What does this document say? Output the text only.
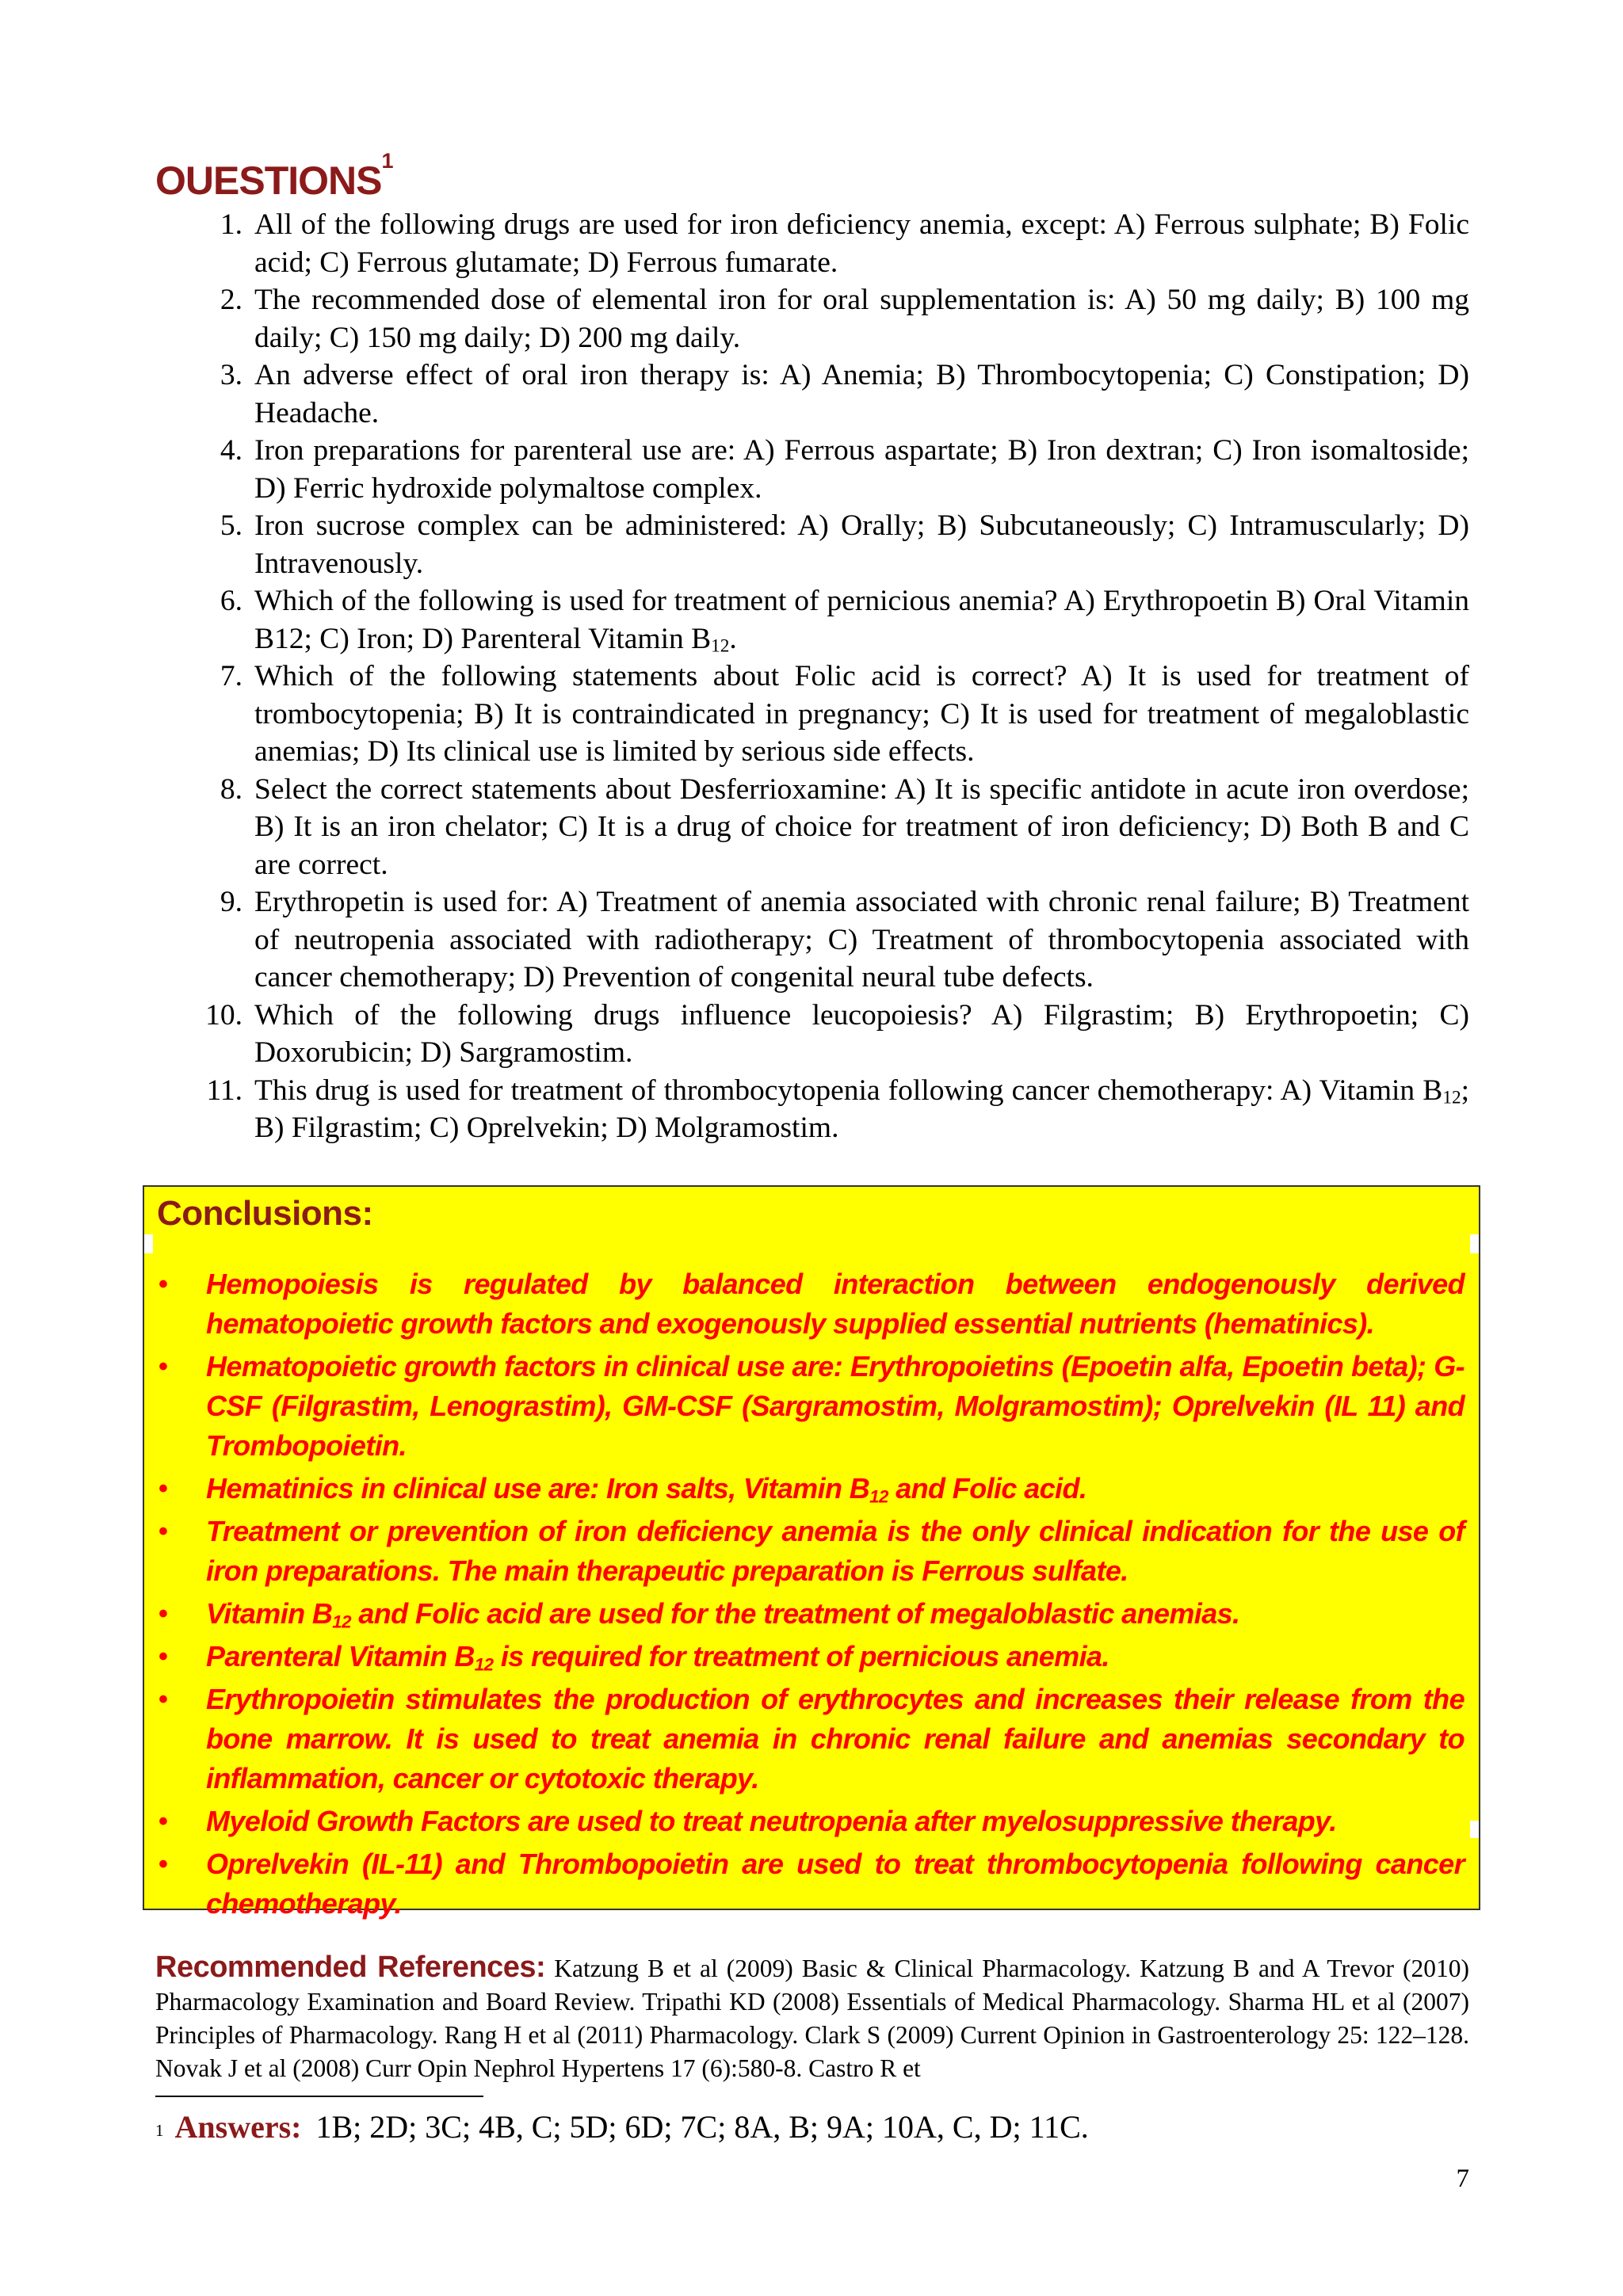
OUESTIONS$^1$
1. All of the following drugs are used for iron deficiency anemia, except: A) Ferrous sulphate; B) Folic acid; C) Ferrous glutamate; D) Ferrous fumarate.
2. The recommended dose of elemental iron for oral supplementation is: A) 50 mg daily; B) 100 mg daily; C) 150 mg daily; D) 200 mg daily.
3. An adverse effect of oral iron therapy is: A) Anemia; B) Thrombocytopenia; C) Constipation; D) Headache.
4. Iron preparations for parenteral use are: A) Ferrous aspartate; B) Iron dextran; C) Iron isomaltoside; D) Ferric hydroxide polymaltose complex.
5. Iron sucrose complex can be administered: A) Orally; B) Subcutaneously; C) Intramuscularly; D) Intravenously.
6. Which of the following is used for treatment of pernicious anemia? A) Erythropoetin B) Oral Vitamin B12; C) Iron; D) Parenteral Vitamin $B_{12}$.
7. Which of the following statements about Folic acid is correct? A) It is used for treatment of trombocytopenia; B) It is contraindicated in pregnancy; C) It is used for treatment of megaloblastic anemias; D) Its clinical use is limited by serious side effects.
8. Select the correct statements about Desferrioxamine: A) It is specific antidote in acute iron overdose; B) It is an iron chelator; C) It is a drug of choice for treatment of iron deficiency; D) Both B and C are correct.
9. Erythropetin is used for: A) Treatment of anemia associated with chronic renal failure; B) Treatment of neutropenia associated with radiotherapy; C) Treatment of thrombocytopenia associated with cancer chemotherapy; D) Prevention of congenital neural tube defects.
10. Which of the following drugs influence leucopoiesis? A) Filgrastim; B) Erythropoetin; C) Doxorubicin; D) Sargramostim.
11. This drug is used for treatment of thrombocytopenia following cancer chemotherapy: A) Vitamin $B_{12}$; B) Filgrastim; C) Oprelvekin; D) Molgramostim.
Conclusions:
• Hemopoiesis is regulated by balanced interaction between endogenously derived hematopoietic growth factors and exogenously supplied essential nutrients (hematinics).
• Hematopoietic growth factors in clinical use are: Erythropoietins (Epoetin alfa, Epoetin beta); G-CSF (Filgrastim, Lenograstim), GM-CSF (Sargramostim, Molgramostim); Oprelvekin (IL 11) and Trombopoietin.
• Hematinics in clinical use are: Iron salts, Vitamin $B_{12}$ and Folic acid.
• Treatment or prevention of iron deficiency anemia is the only clinical indication for the use of iron preparations. The main therapeutic preparation is Ferrous sulfate.
• Vitamin $B_{12}$ and Folic acid are used for the treatment of megaloblastic anemias.
• Parenteral Vitamin $B_{12}$ is required for treatment of pernicious anemia.
• Erythropoietin stimulates the production of erythrocytes and increases their release from the bone marrow. It is used to treat anemia in chronic renal failure and anemias secondary to inflammation, cancer or cytotoxic therapy.
• Myeloid Growth Factors are used to treat neutropenia after myelosuppressive therapy.
• Oprelvekin (IL-11) and Thrombopoietin are used to treat thrombocytopenia following cancer chemotherapy.

Recommended References: Katzung B et al (2009) Basic & Clinical Pharmacology. Katzung B and A Trevor (2010) Pharmacology Examination and Board Review. Tripathi KD (2008) Essentials of Medical Pharmacology. Sharma HL et al (2007) Principles of Pharmacology. Rang H et al (2011) Pharmacology. Clark S (2009) Current Opinion in Gastroenterology 25: 122–128. Novak J et al (2008) Curr Opin Nephrol Hypertens 17 (6):580-8. Castro R et

$^1$ Answers: 1B; 2D; 3C; 4B, C; 5D; 6D; 7C; 8A, B; 9A; 10A, C, D; 11C.

7
